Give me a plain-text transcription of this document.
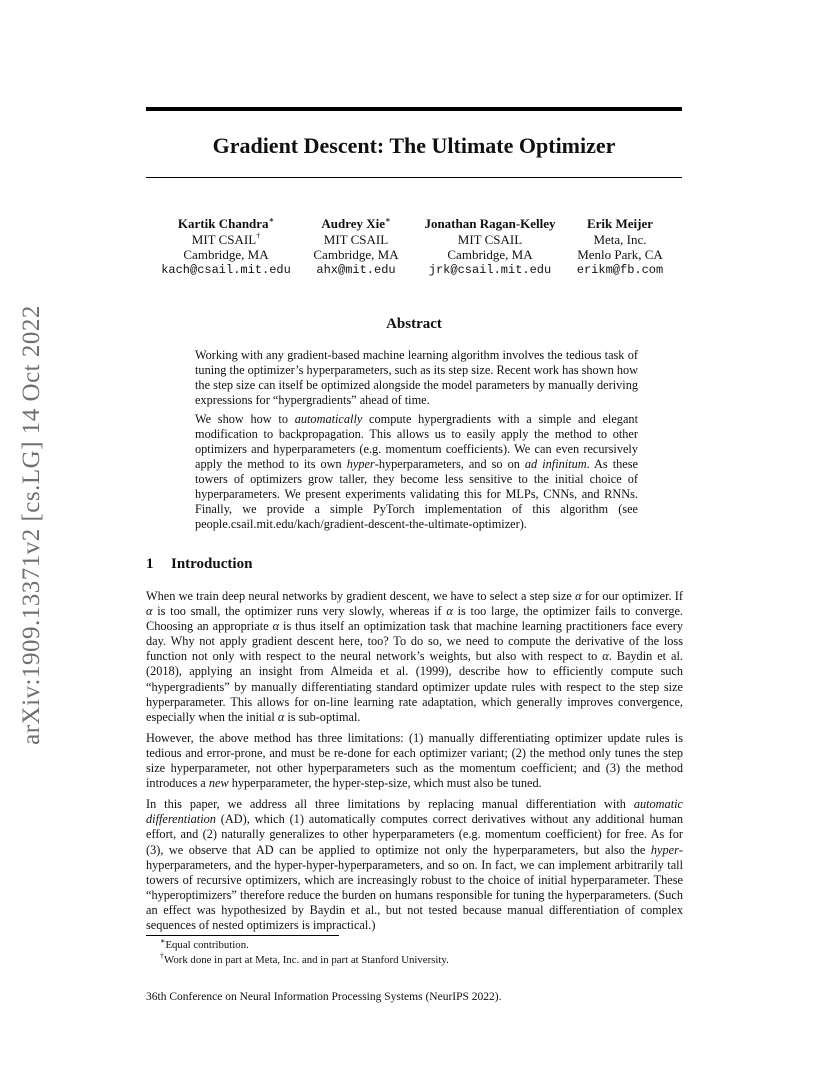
arXiv:1909.13371v2 [cs.LG] 14 Oct 2022
Gradient Descent: The Ultimate Optimizer
Kartik Chandra∗
MIT CSAIL†
Cambridge, MA
kach@csail.mit.edu
Audrey Xie∗
MIT CSAIL
Cambridge, MA
ahx@mit.edu
Jonathan Ragan-Kelley
MIT CSAIL
Cambridge, MA
jrk@csail.mit.edu
Erik Meijer
Meta, Inc.
Menlo Park, CA
erikm@fb.com
Abstract

Working with any gradient-based machine learning algorithm involves the tedious task of tuning the optimizer’s hyperparameters, such as its step size. Recent work has shown how the step size can itself be optimized alongside the model parameters by manually deriving expressions for “hypergradients” ahead of time.

We show how to automatically compute hypergradients with a simple and elegant modification to backpropagation. This allows us to easily apply the method to other optimizers and hyperparameters (e.g. momentum coefficients). We can even recursively apply the method to its own hyper-hyperparameters, and so on ad infinitum. As these towers of optimizers grow taller, they become less sensitive to the initial choice of hyperparameters. We present experiments validating this for MLPs, CNNs, and RNNs. Finally, we provide a simple PyTorch implementation of this algorithm (see people.csail.mit.edu/kach/gradient-descent-the-ultimate-optimizer).

1 Introduction

When we train deep neural networks by gradient descent, we have to select a step size α for our optimizer. If α is too small, the optimizer runs very slowly, whereas if α is too large, the optimizer fails to converge. Choosing an appropriate α is thus itself an optimization task that machine learning practitioners face every day. Why not apply gradient descent here, too? To do so, we need to compute the derivative of the loss function not only with respect to the neural network’s weights, but also with respect to α. Baydin et al. (2018), applying an insight from Almeida et al. (1999), describe how to efficiently compute such “hypergradients” by manually differentiating standard optimizer update rules with respect to the step size hyperparameter. This allows for on-line learning rate adaptation, which generally improves convergence, especially when the initial α is sub-optimal.

However, the above method has three limitations: (1) manually differentiating optimizer update rules is tedious and error-prone, and must be re-done for each optimizer variant; (2) the method only tunes the step size hyperparameter, not other hyperparameters such as the momentum coefficient; and (3) the method introduces a new hyperparameter, the hyper-step-size, which must also be tuned.

In this paper, we address all three limitations by replacing manual differentiation with automatic differentiation (AD), which (1) automatically computes correct derivatives without any additional human effort, and (2) naturally generalizes to other hyperparameters (e.g. momentum coefficient) for free. As for (3), we observe that AD can be applied to optimize not only the hyperparameters, but also the hyper-hyperparameters, and the hyper-hyper-hyperparameters, and so on. In fact, we can implement arbitrarily tall towers of recursive optimizers, which are increasingly robust to the choice of initial hyperparameter. These “hyperoptimizers” therefore reduce the burden on humans responsible for tuning the hyperparameters. (Such an effect was hypothesized by Baydin et al., but not tested because manual differentiation of complex sequences of nested optimizers is impractical.)

∗Equal contribution.
†Work done in part at Meta, Inc. and in part at Stanford University.
36th Conference on Neural Information Processing Systems (NeurIPS 2022).
